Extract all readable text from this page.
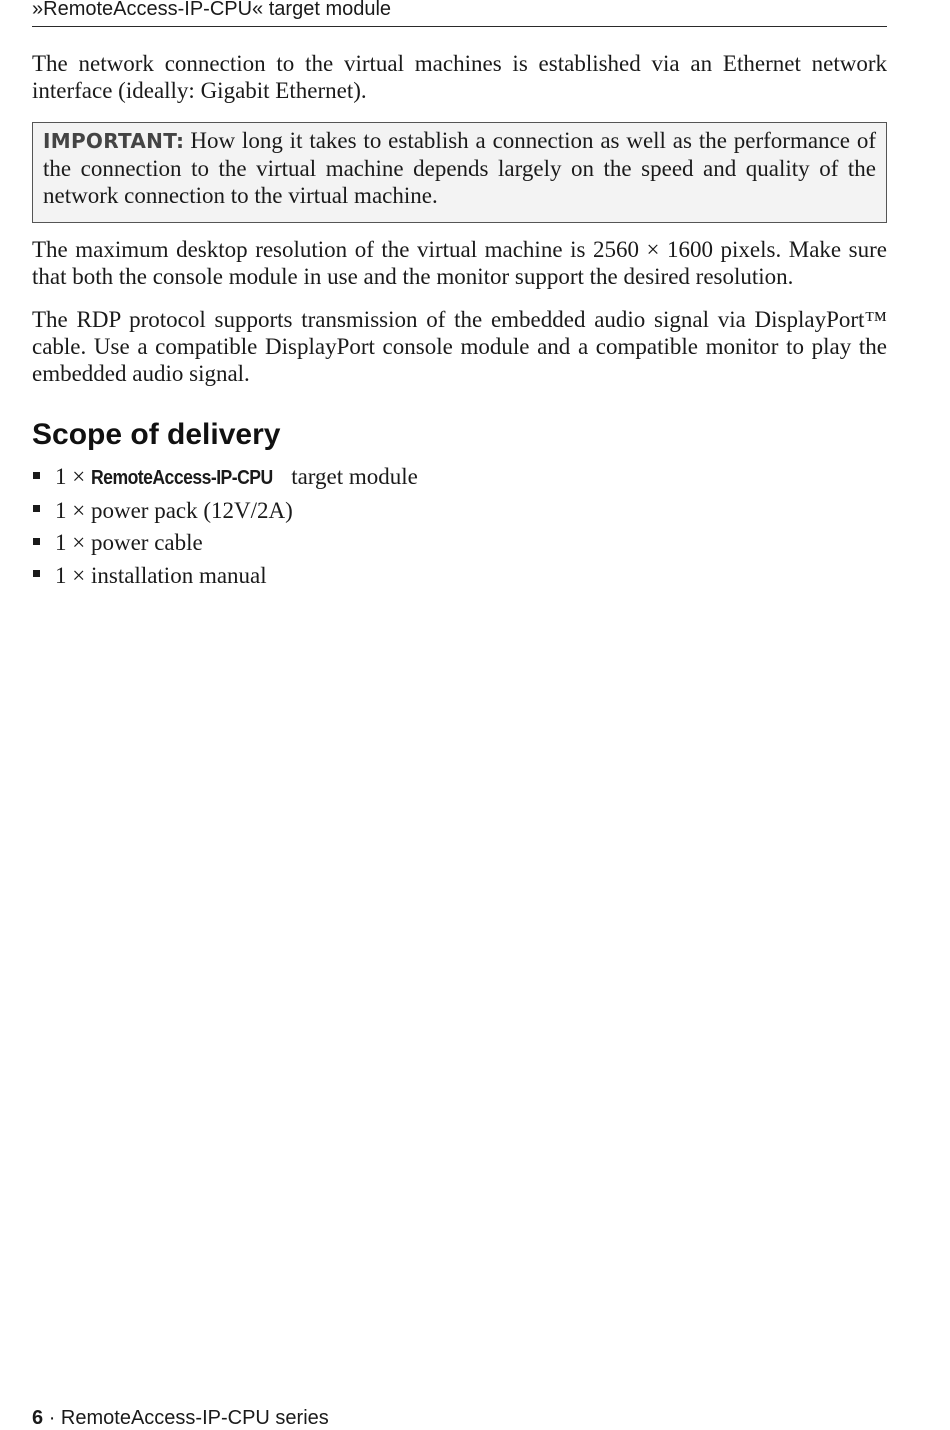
»RemoteAccess-IP-CPU« target module

The network connection to the virtual machines is established via an Ethernet network interface (ideally: Gigabit Ethernet).

IMPORTANT: How long it takes to establish a connection as well as the performance of the connection to the virtual machine depends largely on the speed and quality of the network connection to the virtual machine.

The maximum desktop resolution of the virtual machine is 2560 × 1600 pixels. Make sure that both the console module in use and the monitor support the desired resolution.

The RDP protocol supports transmission of the embedded audio signal via DisplayPort™ cable. Use a compatible DisplayPort console module and a compatible monitor to play the embedded audio signal.

Scope of delivery
1 × RemoteAccess-IP-CPU target module
1 × power pack (12V/2A)
1 × power cable
1 × installation manual
6 · RemoteAccess-IP-CPU series
